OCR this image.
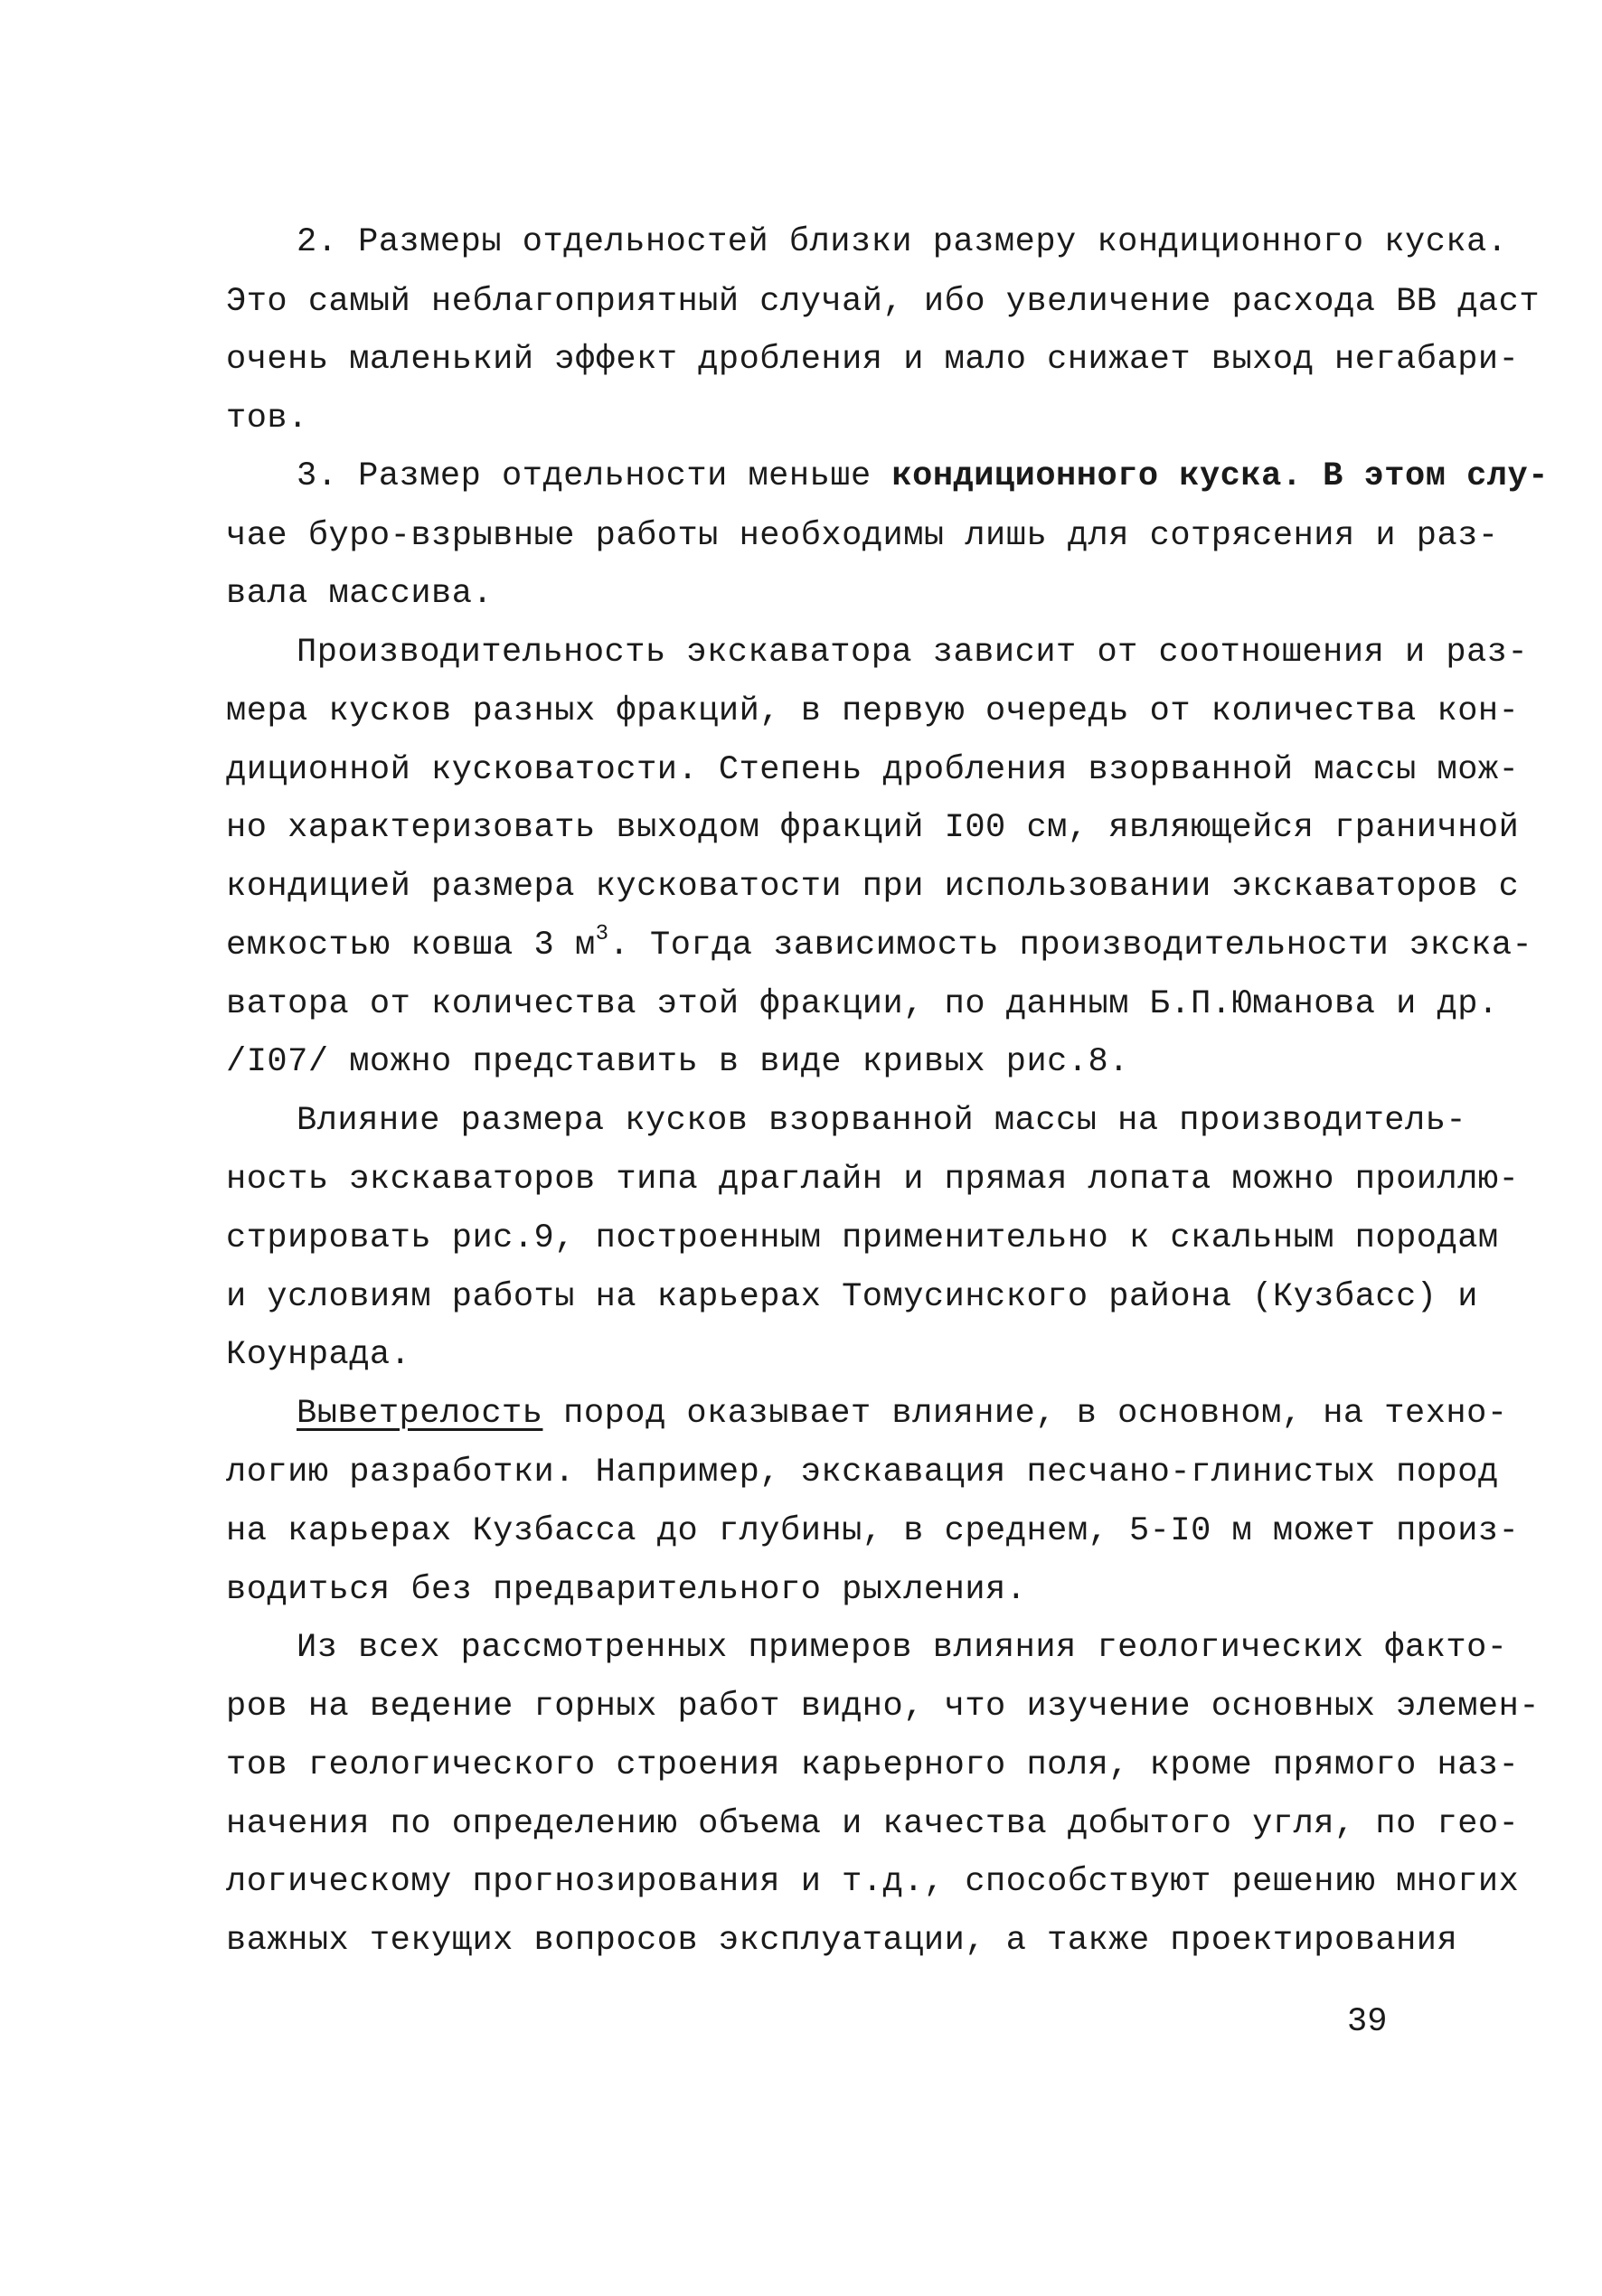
2. Размеры отдельностей близки размеру кондиционного куска.
Это самый неблагоприятный случай, ибо увеличение расхода ВВ даст
очень маленький эффект дробления и мало снижает выход негабари-
тов.
3. Размер отдельности меньше кондиционного куска. В этом слу-
чае буро-взрывные работы необходимы лишь для сотрясения и раз-
вала массива.
Производительность экскаватора зависит от соотношения и раз-
мера кусков разных фракций, в первую очередь от количества кон-
диционной кусковатости. Степень дробления взорванной массы мож-
но характеризовать выходом фракций I00 см, являющейся граничной
кондицией размера кусковатости при использовании экскаваторов с
емкостью ковша 3 $м^3$. Тогда зависимость производительности экска-
ватора от количества этой фракции, по данным Б.П.Юманова и др.
/I07/ можно представить в виде кривых рис.8.
Влияние размера кусков взорванной массы на производитель-
ность экскаваторов типа драглайн и прямая лопата можно проиллю-
стрировать рис.9, построенным применительно к скальным породам
и условиям работы на карьерах Томусинского района (Кузбасс) и
Коунрада.
Выветрелость пород оказывает влияние, в основном, на техно-
логию разработки. Например, экскавация песчано-глинистых пород
на карьерах Кузбасса до глубины, в среднем, 5-I0 м может произ-
водиться без предварительного рыхления.
Из всех рассмотренных примеров влияния геологических факто-
ров на ведение горных работ видно, что изучение основных элемен-
тов геологического строения карьерного поля, кроме прямого наз-
начения по определению объема и качества добытого угля, по гео-
логическому прогнозирования и т.д., способствуют решению многих
важных текущих вопросов эксплуатации, а также проектирования
39
